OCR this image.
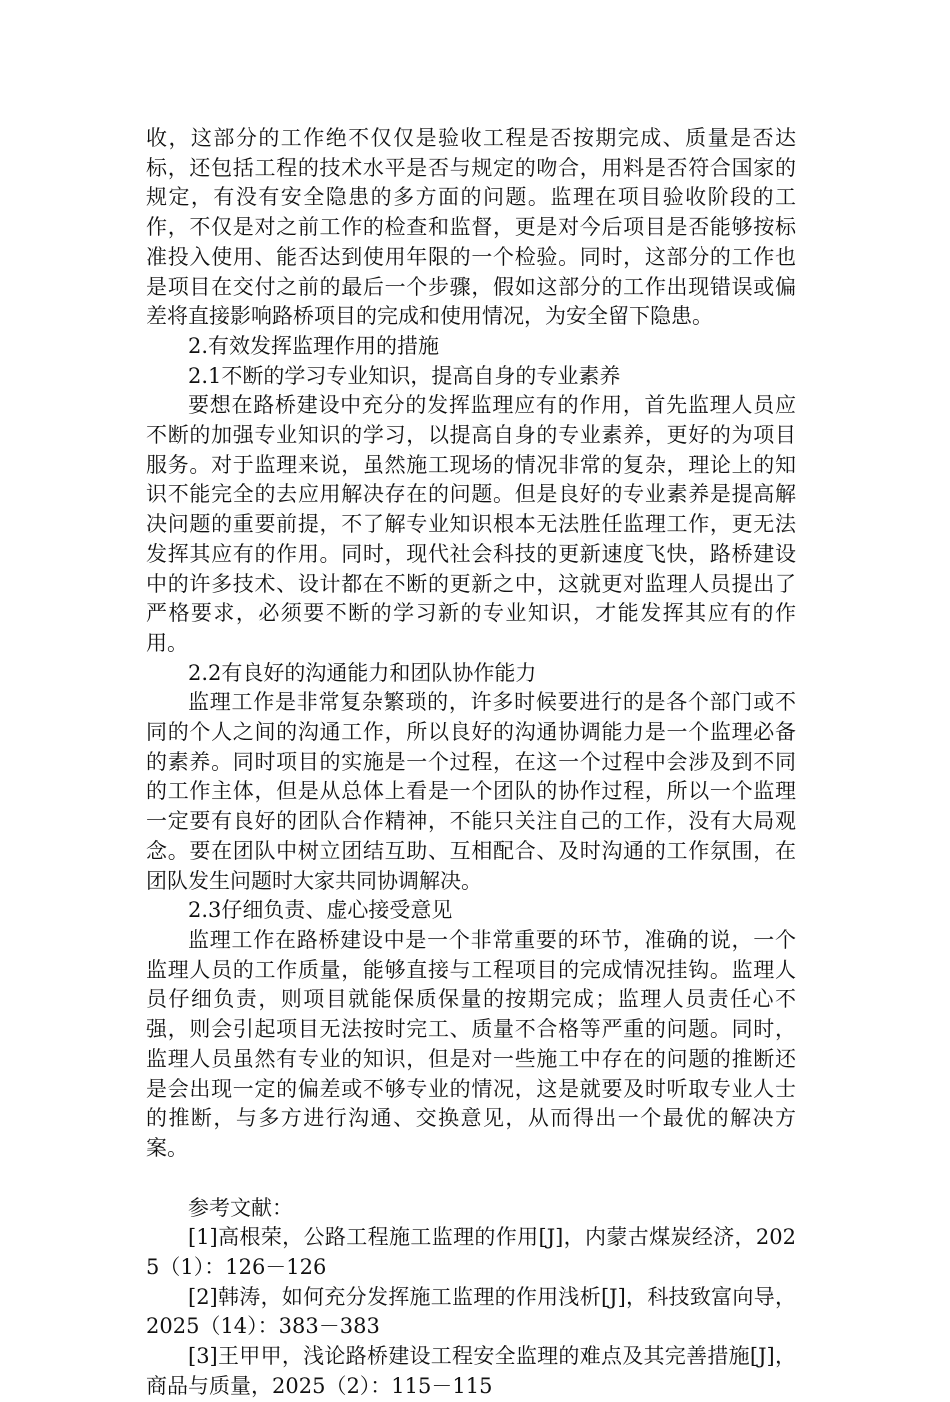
收，这部分的工作绝不仅仅是验收工程是否按期完成、质量是否达标，还包括工程的技术水平是否与规定的吻合，用料是否符合国家的规定，有没有安全隐患的多方面的问题。监理在项目验收阶段的工作，不仅是对之前工作的检查和监督，更是对今后项目是否能够按标准投入使用、能否达到使用年限的一个检验。同时，这部分的工作也是项目在交付之前的最后一个步骤，假如这部分的工作出现错误或偏差将直接影响路桥项目的完成和使用情况，为安全留下隐患。

2.有效发挥监理作用的措施

2.1不断的学习专业知识，提高自身的专业素养

要想在路桥建设中充分的发挥监理应有的作用，首先监理人员应不断的加强专业知识的学习，以提高自身的专业素养，更好的为项目服务。对于监理来说，虽然施工现场的情况非常的复杂，理论上的知识不能完全的去应用解决存在的问题。但是良好的专业素养是提高解决问题的重要前提，不了解专业知识根本无法胜任监理工作，更无法发挥其应有的作用。同时，现代社会科技的更新速度飞快，路桥建设中的许多技术、设计都在不断的更新之中，这就更对监理人员提出了严格要求，必须要不断的学习新的专业知识，才能发挥其应有的作用。

2.2有良好的沟通能力和团队协作能力

监理工作是非常复杂繁琐的，许多时候要进行的是各个部门或不同的个人之间的沟通工作，所以良好的沟通协调能力是一个监理必备的素养。同时项目的实施是一个过程，在这一个过程中会涉及到不同的工作主体，但是从总体上看是一个团队的协作过程，所以一个监理一定要有良好的团队合作精神，不能只关注自己的工作，没有大局观念。要在团队中树立团结互助、互相配合、及时沟通的工作氛围，在团队发生问题时大家共同协调解决。

2.3仔细负责、虚心接受意见

监理工作在路桥建设中是一个非常重要的环节，准确的说，一个监理人员的工作质量，能够直接与工程项目的完成情况挂钩。监理人员仔细负责，则项目就能保质保量的按期完成；监理人员责任心不强，则会引起项目无法按时完工、质量不合格等严重的问题。同时，监理人员虽然有专业的知识，但是对一些施工中存在的问题的推断还是会出现一定的偏差或不够专业的情况，这是就要及时听取专业人士的推断，与多方进行沟通、交换意见，从而得出一个最优的解决方案。

参考文献：

[1]高根荣，公路工程施工监理的作用[J]，内蒙古煤炭经济，2025（1）：126－126

[2]韩涛，如何充分发挥施工监理的作用浅析[J]，科技致富向导，2025（14）：383－383

[3]王甲甲，浅论路桥建设工程安全监理的难点及其完善措施[J]，商品与质量，2025（2）：115－115
